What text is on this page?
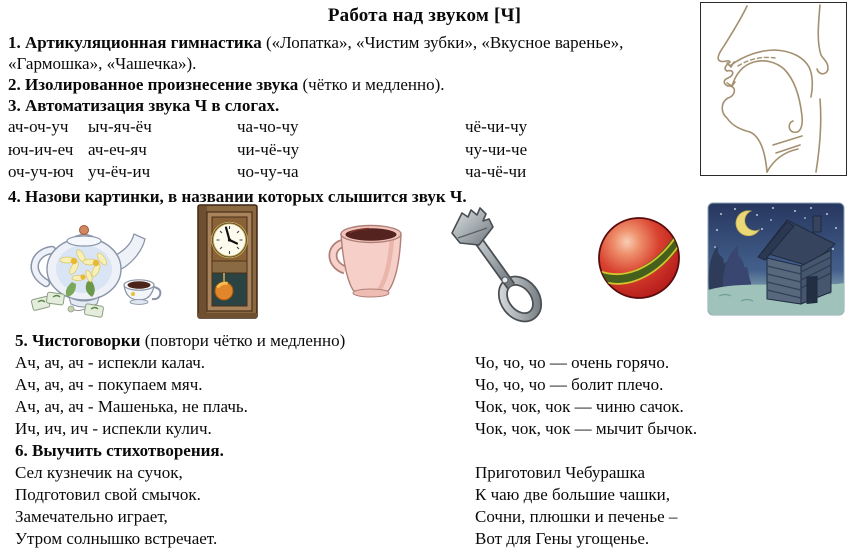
Работа над звуком [Ч]

1. Артикуляционная гимнастика («Лопатка», «Чистим зубки», «Вкусное варенье», «Гармошка», «Чашечка»).

2. Изолированное произнесение звука (чётко и медленно).

3. Автоматизация звука Ч в слогах.

ач-оч-уч ыч-яч-ёч	ча-чо-чу	чё-чи-чу
юч-ич-еч ач-еч-яч	чи-чё-чу	чу-чи-че
оч-уч-юч уч-ёч-ич	чо-чу-ча	ча-чё-чи

4. Назови картинки, в названии которых слышится звук Ч.

5. Чистоговорки (повтори чётко и медленно)
Ач, ач, ач - испекли калач.	Чо, чо, чо — очень горячо.
Ач, ач, ач - покупаем мяч.	Чо, чо, чо — болит плечо.
Ач, ач, ач - Машенька, не плачь.	Чок, чок, чок — чиню сачок.
Ич, ич, ич - испекли кулич.	Чок, чок, чок — мычит бычок.
6. Выучить стихотворения.
Сел кузнечик на сучок,	Приготовил Чебурашка
Подготовил свой смычок.	К чаю две большие чашки,
Замечательно играет,	Сочни, плюшки и печенье –
Утром солнышко встречает.	Вот для Гены угощенье.
